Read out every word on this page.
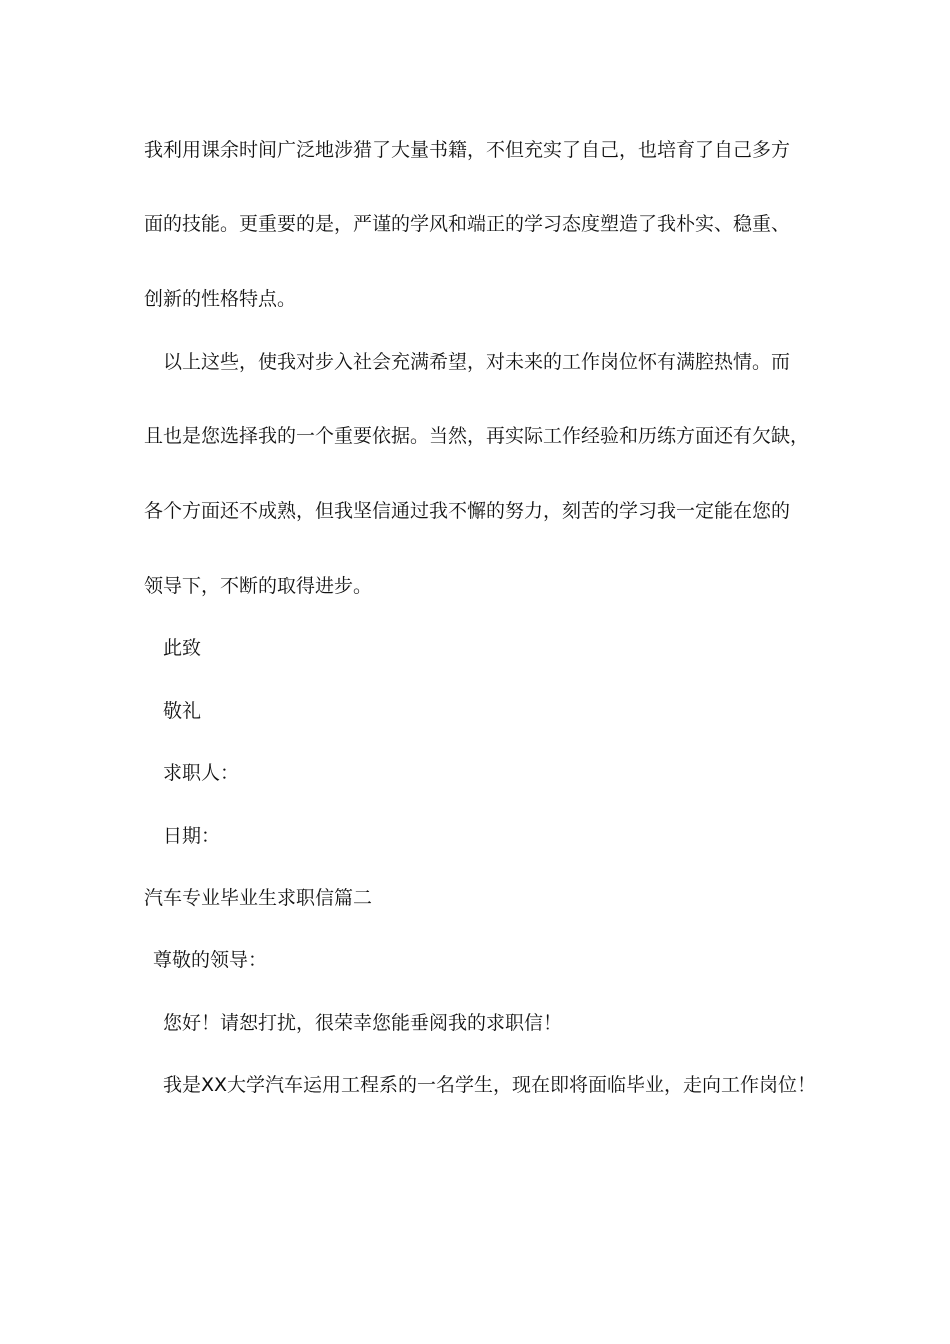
我利用课余时间广泛地涉猎了大量书籍，不但充实了自己，也培育了自己多方
面的技能。更重要的是，严谨的学风和端正的学习态度塑造了我朴实、稳重、
创新的性格特点。
以上这些，使我对步入社会充满希望，对未来的工作岗位怀有满腔热情。而
且也是您选择我的一个重要依据。当然，再实际工作经验和历练方面还有欠缺，
各个方面还不成熟，但我坚信通过我不懈的努力，刻苦的学习我一定能在您的
领导下，不断的取得进步。
此致
敬礼
求职人：
日期：
汽车专业毕业生求职信篇二
尊敬的领导：
您好！请恕打扰，很荣幸您能垂阅我的求职信！
我是XX大学汽车运用工程系的一名学生，现在即将面临毕业，走向工作岗位！
